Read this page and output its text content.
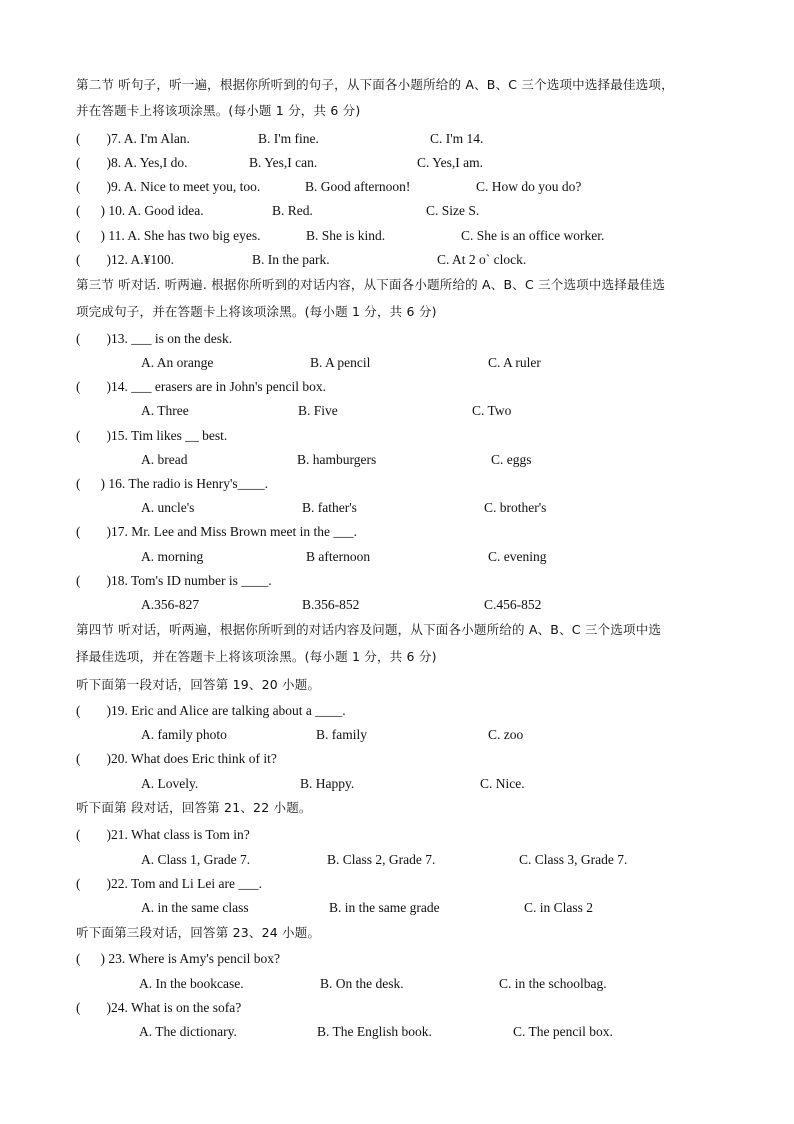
第二节 听句子，听一遍，根据你所听到的句子，从下面各小题所给的 A、B、C 三个选项中选择最佳选项，
并在答题卡上将该项涂黑。(每小题 1 分，共 6 分)
( )7. A. I'm Alan.	B. I'm fine.	C. I'm 14.
( )8. A. Yes,I do.	B. Yes,I can.	C. Yes,I am.
( )9. A. Nice to meet you, too.	B. Good afternoon!	C. How do you do?
( ) 10. A. Good idea.	B. Red.	C. Size S.
( ) 11. A. She has two big eyes.	B. She is kind.	C. She is an office worker.
( )12. A.¥100.	B. In the park.	C. At 2 o` clock.
第三节 听对话. 听两遍. 根据你所听到的对话内容，从下面各小题所给的 A、B、C 三个选项中选择最佳选
项完成句子，并在答题卡上将该项涂黑。(每小题 1 分，共 6 分)
( )13. ___ is on the desk.
A. An orange	B. A pencil	C. A ruler
( )14. ___ erasers are in John's pencil box.
A. Three	B. Five	C. Two
( )15. Tim likes __ best.
A. bread	B. hamburgers	C. eggs
( ) 16. The radio is Henry's____.
A. uncle's	B. father's	C. brother's
( )17. Mr. Lee and Miss Brown meet in the ___.
A. morning	B afternoon	C. evening
( )18. Tom's ID number is ____.
A.356-827	B.356-852	C.456-852
第四节 听对话，听两遍，根据你所听到的对话内容及问题，从下面各小题所给的 A、B、C 三个选项中选
择最佳选项，并在答题卡上将该项涂黑。(每小题 1 分，共 6 分)
听下面第一段对话，回答第 19、20 小题。
( )19. Eric and Alice are talking about a ____.
A. family photo	B. family	C. zoo
( )20. What does Eric think of it?
A. Lovely.	B. Happy.	C. Nice.
听下面第 段对话，回答第 21、22 小题。
( )21. What class is Tom in?
A. Class 1, Grade 7.	B. Class 2, Grade 7.	C. Class 3, Grade 7.
( )22. Tom and Li Lei are ___.
A. in the same class	B. in the same grade	C. in Class 2
听下面第三段对话，回答第 23、24 小题。
( ) 23. Where is Amy's pencil box?
A. In the bookcase.	B. On the desk.	C. in the schoolbag.
( )24. What is on the sofa?
A. The dictionary.	B. The English book.	C. The pencil box.
